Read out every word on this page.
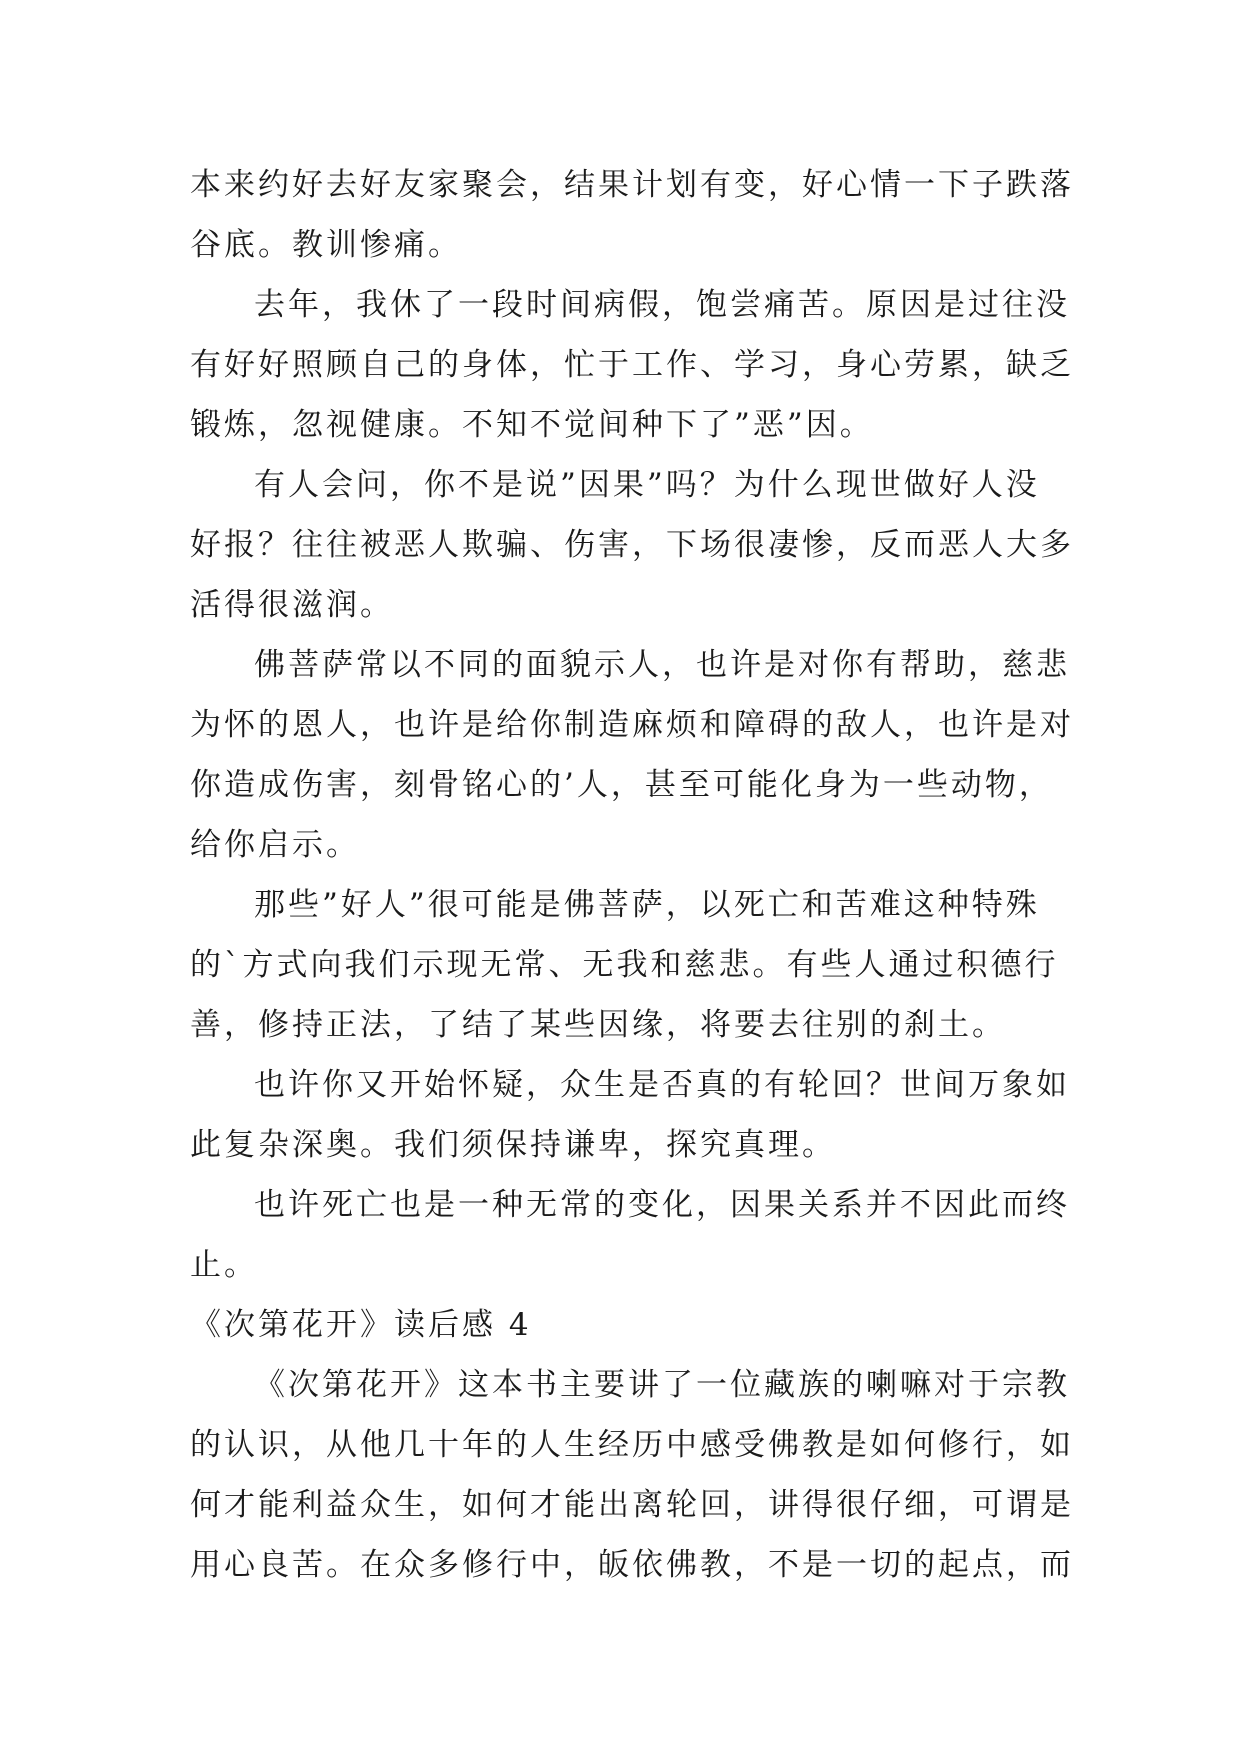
本来约好去好友家聚会，结果计划有变，好心情一下子跌落
谷底。教训惨痛。
去年，我休了一段时间病假，饱尝痛苦。原因是过往没
有好好照顾自己的身体，忙于工作、学习，身心劳累，缺乏
锻炼，忽视健康。不知不觉间种下了”恶”因。
有人会问，你不是说”因果”吗？为什么现世做好人没
好报？往往被恶人欺骗、伤害，下场很凄惨，反而恶人大多
活得很滋润。
佛菩萨常以不同的面貌示人，也许是对你有帮助，慈悲
为怀的恩人，也许是给你制造麻烦和障碍的敌人，也许是对
你造成伤害，刻骨铭心的’人，甚至可能化身为一些动物，
给你启示。
那些”好人”很可能是佛菩萨，以死亡和苦难这种特殊
的`方式向我们示现无常、无我和慈悲。有些人通过积德行
善，修持正法，了结了某些因缘，将要去往别的刹土。
也许你又开始怀疑，众生是否真的有轮回？世间万象如
此复杂深奥。我们须保持谦卑，探究真理。
也许死亡也是一种无常的变化，因果关系并不因此而终
止。
《次第花开》读后感 4
《次第花开》这本书主要讲了一位藏族的喇嘛对于宗教
的认识，从他几十年的人生经历中感受佛教是如何修行，如
何才能利益众生，如何才能出离轮回，讲得很仔细，可谓是
用心良苦。在众多修行中，皈依佛教，不是一切的起点，而
